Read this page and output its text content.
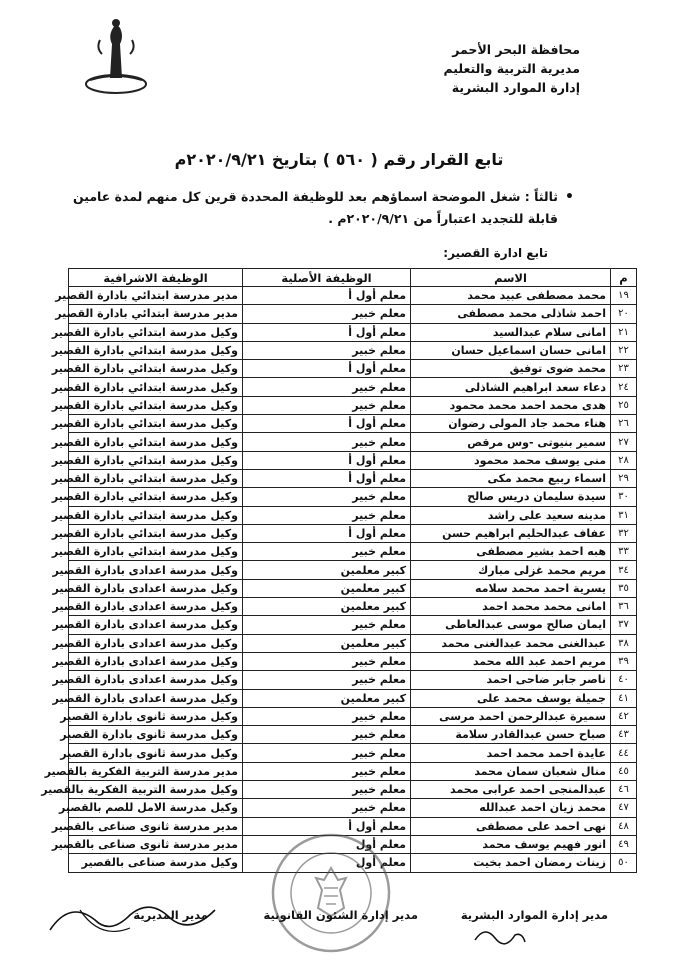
محافظة البحر الأحمر
مديرية التربية والتعليم
إدارة الموارد البشرية
تابع القرار رقم ( ٥٦٠ ) بتاريخ ٢٠٢٠/٩/٢١م
•
ثالثاً : شغل الموضحة اسماؤهم بعد للوظيفة المحددة قرين كل منهم لمدة عامين
قابلة للتجديد اعتباراً من ٢٠٢٠/٩/٢١م .
تابع ادارة القصير:
م	الاسم	الوظيفة الأصلية	الوظيفة الاشرافية
١٩	محمد مصطفى عبيد محمد	معلم أول أ	مدير مدرسة ابتدائي بادارة القصير
٢٠	احمد شاذلى محمد مصطفى	معلم خبير	مدير مدرسة ابتدائي بادارة القصير
٢١	امانى سلام عبدالسيد	معلم أول أ	وكيل مدرسة ابتدائي بادارة القصير
٢٢	امانى حسان اسماعيل حسان	معلم خبير	وكيل مدرسة ابتدائي بادارة القصير
٢٣	محمد ضوى توفيق	معلم أول أ	وكيل مدرسة ابتدائي بادارة القصير
٢٤	دعاء سعد ابراهيم الشاذلى	معلم خبير	وكيل مدرسة ابتدائي بادارة القصير
٢٥	هدى محمد احمد محمد محمود	معلم خبير	وكيل مدرسة ابتدائي بادارة القصير
٢٦	هناء محمد جاد المولى رضوان	معلم أول أ	وكيل مدرسة ابتدائي بادارة القصير
٢٧	سمير بنيوتى -وس مرقص	معلم خبير	وكيل مدرسة ابتدائي بادارة القصير
٢٨	منى يوسف محمد محمود	معلم أول أ	وكيل مدرسة ابتدائي بادارة القصير
٢٩	اسماء ربيع محمد مكى	معلم أول أ	وكيل مدرسة ابتدائي بادارة القصير
٣٠	سيدة سليمان دريس صالح	معلم خبير	وكيل مدرسة ابتدائي بادارة القصير
٣١	مدينه سعيد على راشد	معلم خبير	وكيل مدرسة ابتدائي بادارة القصير
٣٢	عفاف عبدالحليم ابراهيم حسن	معلم أول أ	وكيل مدرسة ابتدائي بادارة القصير
٣٣	هبه احمد بشير مصطفى	معلم خبير	وكيل مدرسة ابتدائي بادارة القصير
٣٤	مريم محمد غزلى مبارك	كبير معلمين	وكيل مدرسة اعدادى بادارة القصير
٣٥	يسرية احمد محمد سلامه	كبير معلمين	وكيل مدرسة اعدادى بادارة القصير
٣٦	امانى محمد محمد احمد	كبير معلمين	وكيل مدرسة اعدادى بادارة القصير
٣٧	ايمان صالح موسى عبدالعاطى	معلم خبير	وكيل مدرسة اعدادى بادارة القصير
٣٨	عبدالغنى محمد عبدالغنى محمد	كبير معلمين	وكيل مدرسة اعدادى بادارة القصير
٣٩	مريم احمد عبد الله محمد	معلم خبير	وكيل مدرسة اعدادى بادارة القصير
٤٠	ناصر جابر ضاحى احمد	معلم خبير	وكيل مدرسة اعدادى بادارة القصير
٤١	جميلة يوسف محمد على	كبير معلمين	وكيل مدرسة اعدادى بادارة القصير
٤٢	سميرة عبدالرحمن احمد مرسى	معلم خبير	وكيل مدرسة ثانوى بادارة القصير
٤٣	صباح حسن عبدالقادر سلامة	معلم خبير	وكيل مدرسة ثانوى بادارة القصير
٤٤	عايدة احمد محمد احمد	معلم خبير	وكيل مدرسة ثانوى بادارة القصير
٤٥	منال شعبان سمان محمد	معلم خبير	مدير مدرسة التربية الفكرية بالقصير
٤٦	عبدالمنجى احمد عرابى محمد	معلم خبير	وكيل مدرسة التربية الفكرية بالقصير
٤٧	محمد زيان احمد عبدالله	معلم خبير	وكيل مدرسة الامل للصم بالقصير
٤٨	نهى احمد على مصطفى	معلم أول أ	مدير مدرسة ثانوى صناعى بالقصير
٤٩	انور فهيم يوسف محمد	معلم أول	مدير مدرسة ثانوى صناعى بالقصير
٥٠	زينات رمضان احمد بخيت	معلم أول	وكيل مدرسة صناعى بالقصير
مدير إدارة الموارد البشرية
مدير إدارة الشئون القانونية
مدير المديرية
